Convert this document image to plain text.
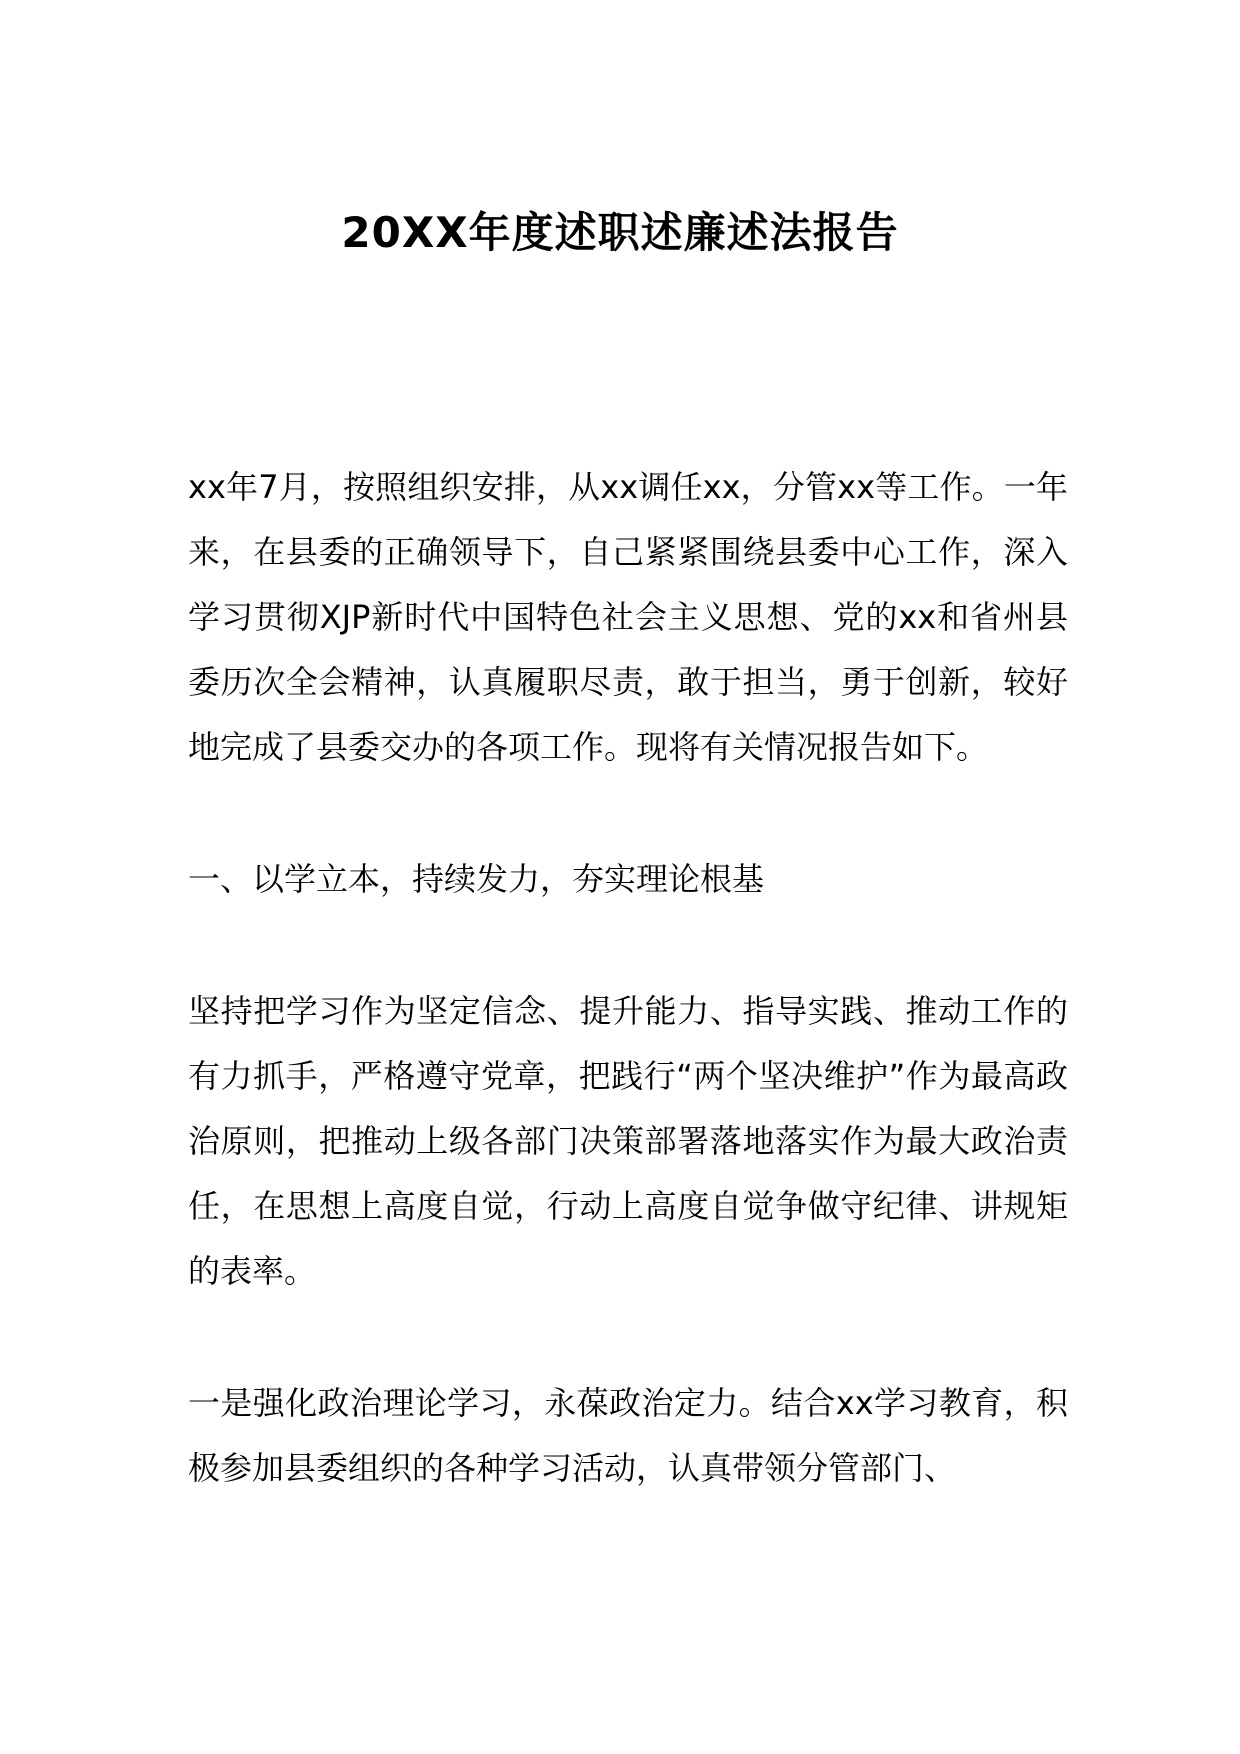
20XX年度述职述廉述法报告

xx年7月，按照组织安排，从xx调任xx，分管xx等工作。一年来，在县委的正确领导下，自己紧紧围绕县委中心工作，深入学习贯彻XJP新时代中国特色社会主义思想、党的xx和省州县委历次全会精神，认真履职尽责，敢于担当，勇于创新，较好地完成了县委交办的各项工作。现将有关情况报告如下。

一、以学立本，持续发力，夯实理论根基

坚持把学习作为坚定信念、提升能力、指导实践、推动工作的有力抓手，严格遵守党章，把践行“两个坚决维护”作为最高政治原则，把推动上级各部门决策部署落地落实作为最大政治责任，在思想上高度自觉，行动上高度自觉争做守纪律、讲规矩的表率。

一是强化政治理论学习，永葆政治定力。结合xx学习教育，积极参加县委组织的各种学习活动，认真带领分管部门、
